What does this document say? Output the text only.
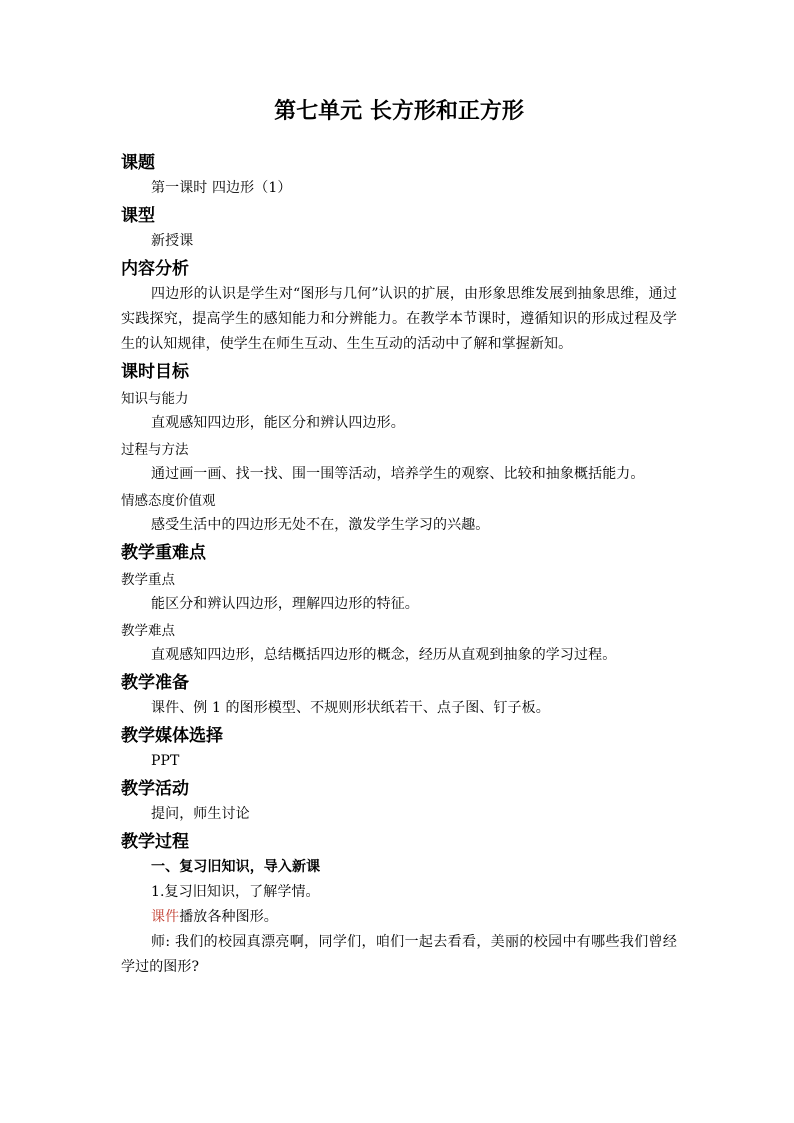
第七单元 长方形和正方形
课题
第一课时 四边形（1）
课型
新授课
内容分析
四边形的认识是学生对“图形与几何”认识的扩展，由形象思维发展到抽象思维，通过实践探究，提高学生的感知能力和分辨能力。在教学本节课时，遵循知识的形成过程及学生的认知规律，使学生在师生互动、生生互动的活动中了解和掌握新知。
课时目标
知识与能力
直观感知四边形，能区分和辨认四边形。
过程与方法
通过画一画、找一找、围一围等活动，培养学生的观察、比较和抽象概括能力。
情感态度价值观
感受生活中的四边形无处不在，激发学生学习的兴趣。
教学重难点
教学重点
能区分和辨认四边形，理解四边形的特征。
教学难点
直观感知四边形，总结概括四边形的概念，经历从直观到抽象的学习过程。
教学准备
课件、例 1 的图形模型、不规则形状纸若干、点子图、钉子板。
教学媒体选择
PPT
教学活动
提问，师生讨论
教学过程
一、复习旧知识，导入新课
1.复习旧知识，了解学情。
课件播放各种图形。
师: 我们的校园真漂亮啊，同学们，咱们一起去看看，美丽的校园中有哪些我们曾经学过的图形?
